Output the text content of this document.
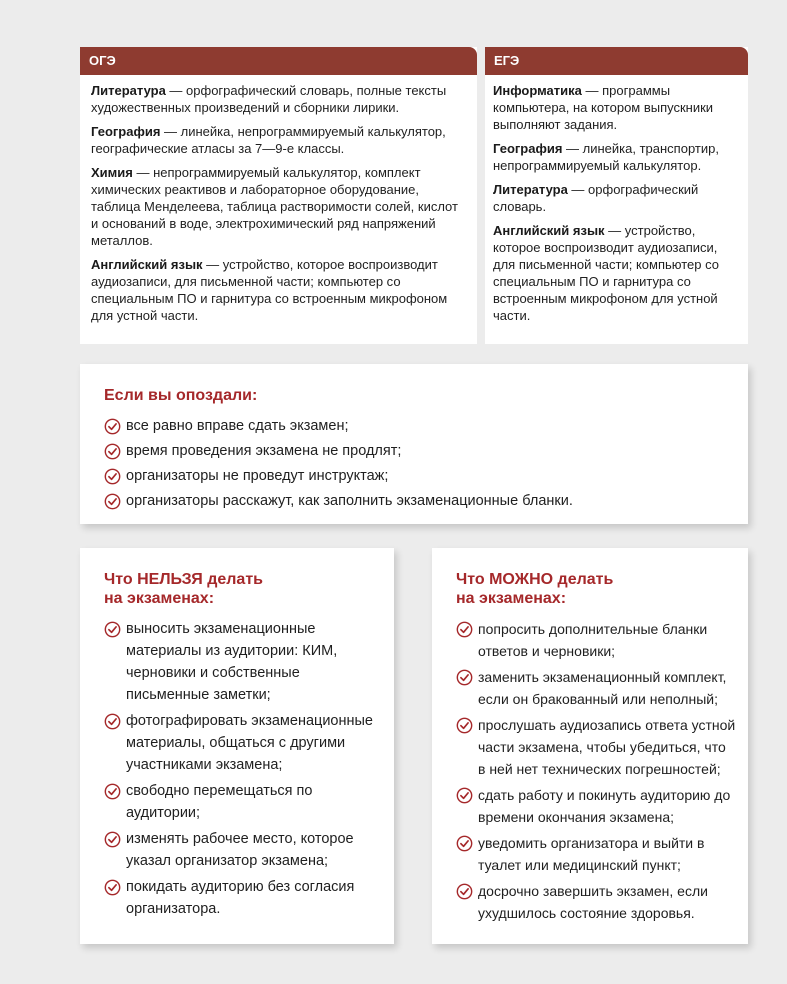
ОГЭ

Литература — орфографический словарь, полные тексты художественных произведений и сборники лирики.

География — линейка, непрограммируемый калькулятор, географические атласы за 7—9-е классы.

Химия — непрограммируемый калькулятор, комплект химических реактивов и лабораторное оборудование, таблица Менделеева, таблица растворимости солей, кислот и оснований в воде, электрохимический ряд напряжений металлов.

Английский язык — устройство, которое воспроизводит аудиозаписи, для письменной части; компьютер со специальным ПО и гарнитура со встроенным микрофоном для устной части.

ЕГЭ

Информатика — программы компьютера, на котором выпускники выполняют задания.

География — линейка, транспортир, непрограммируемый калькулятор.

Литература — орфографический словарь.

Английский язык — устройство, которое воспроизводит аудиозаписи, для письменной части; компьютер со специальным ПО и гарнитура со встроенным микрофоном для устной части.

Если вы опоздали:
все равно вправе сдать экзамен;
время проведения экзамена не продлят;
организаторы не проведут инструктаж;
организаторы расскажут, как заполнить экзаменационные бланки.
Что НЕЛЬЗЯ делать
на экзаменах:
выносить экзаменационные материалы из аудитории: КИМ, черновики и собственные письменные заметки;
фотографировать экзаменационные материалы, общаться с другими участниками экзамена;
свободно перемещаться по аудитории;
изменять рабочее место, которое указал организатор экзамена;
покидать аудиторию без согласия организатора.
Что МОЖНО делать
на экзаменах:
попросить дополнительные бланки ответов и черновики;
заменить экзаменационный комплект, если он бракованный или неполный;
прослушать аудиозапись ответа устной части экзамена, чтобы убедиться, что в ней нет технических погрешностей;
сдать работу и покинуть аудиторию до времени окончания экзамена;
уведомить организатора и выйти в туалет или медицинский пункт;
досрочно завершить экзамен, если ухудшилось состояние здоровья.
